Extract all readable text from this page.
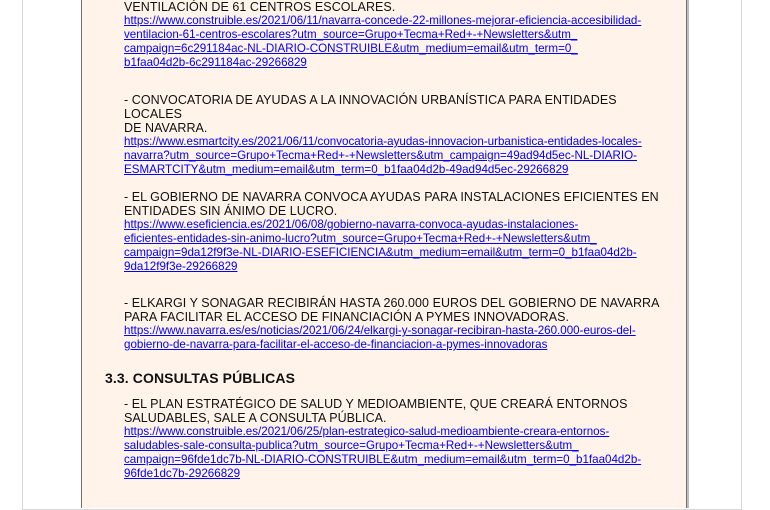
VENTILACIÓN DE 61 CENTROS ESCOLARES.
https://www.construible.es/2021/06/11/navarra-concede-22-millones-mejorar-eficiencia-accesibilidad-
ventilacion-61-centros-escolares?utm_source=Grupo+Tecma+Red+-+Newsletters&utm_
campaign=6c291184ac-NL-DIARIO-CONSTRUIBLE&utm_medium=email&utm_term=0_
b1faa04d2b-6c291184ac-29266829
- CONVOCATORIA DE AYUDAS A LA INNOVACIÓN URBANÍSTICA PARA ENTIDADES LOCALES
DE NAVARRA.
https://www.esmartcity.es/2021/06/11/convocatoria-ayudas-innovacion-urbanistica-entidades-locales-
navarra?utm_source=Grupo+Tecma+Red+-+Newsletters&utm_campaign=49ad94d5ec-NL-DIARIO-
ESMARTCITY&utm_medium=email&utm_term=0_b1faa04d2b-49ad94d5ec-29266829
- EL GOBIERNO DE NAVARRA CONVOCA AYUDAS PARA INSTALACIONES EFICIENTES EN
ENTIDADES SIN ÁNIMO DE LUCRO.
https://www.eseficiencia.es/2021/06/08/gobierno-navarra-convoca-ayudas-instalaciones-
eficientes-entidades-sin-animo-lucro?utm_source=Grupo+Tecma+Red+-+Newsletters&utm_
campaign=9da12f9f3e-NL-DIARIO-ESEFICIENCIA&utm_medium=email&utm_term=0_b1faa04d2b-
9da12f9f3e-29266829
- ELKARGI Y SONAGAR RECIBIRÁN HASTA 260.000 EUROS DEL GOBIERNO DE NAVARRA
PARA FACILITAR EL ACCESO DE FINANCIACIÓN A PYMES INNOVADORAS.
https://www.navarra.es/es/noticias/2021/06/24/elkargi-y-sonagar-recibiran-hasta-260.000-euros-del-
gobierno-de-navarra-para-facilitar-el-acceso-de-financiacion-a-pymes-innovadoras
3.3. CONSULTAS PÚBLICAS
- EL PLAN ESTRATÉGICO DE SALUD Y MEDIOAMBIENTE, QUE CREARÁ ENTORNOS
SALUDABLES, SALE A CONSULTA PÚBLICA.
https://www.construible.es/2021/06/25/plan-estrategico-salud-medioambiente-creara-entornos-
saludables-sale-consulta-publica?utm_source=Grupo+Tecma+Red+-+Newsletters&utm_
campaign=96fde1dc7b-NL-DIARIO-CONSTRUIBLE&utm_medium=email&utm_term=0_b1faa04d2b-
96fde1dc7b-29266829
